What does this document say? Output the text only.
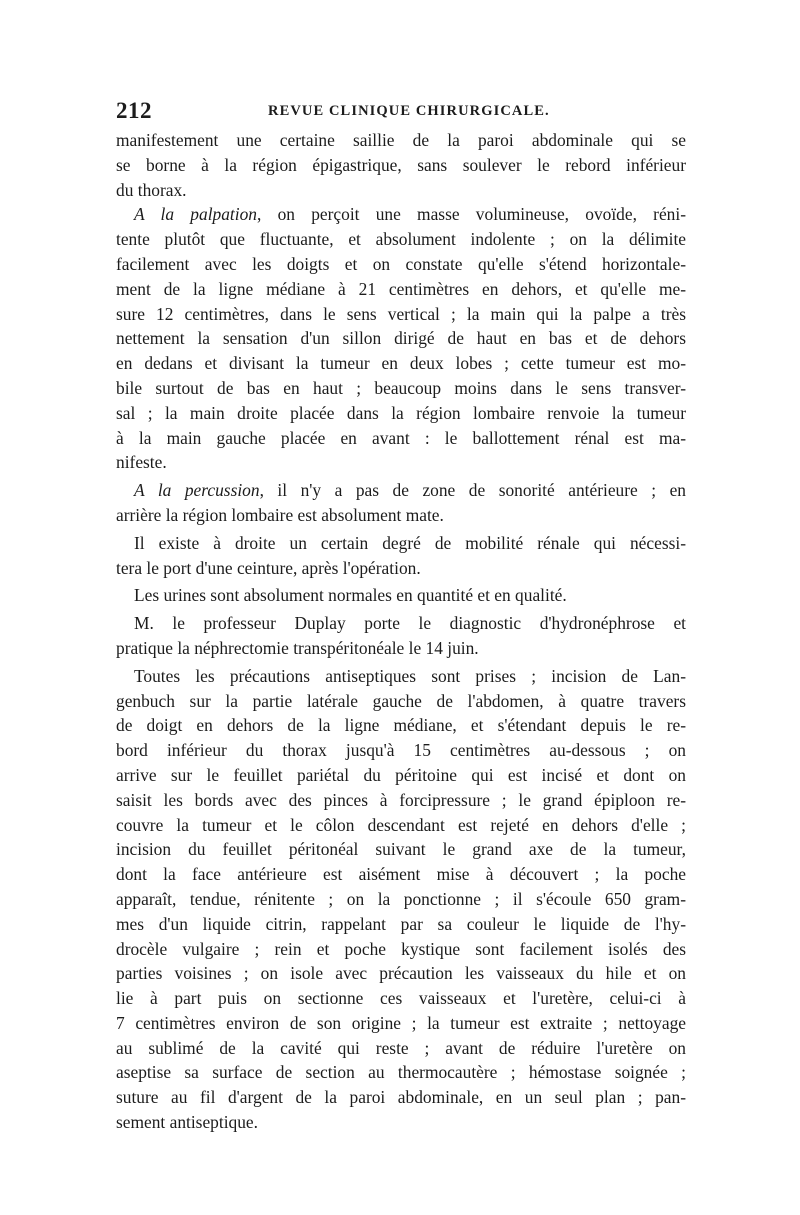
212	REVUE CLINIQUE CHIRURGICALE.
manifestement une certaine saillie de la paroi abdominale qui se
se borne à la région épigastrique, sans soulever le rebord inférieur
du thorax.
A la palpation, on perçoit une masse volumineuse, ovoïde, réni-
tente plutôt que fluctuante, et absolument indolente ; on la délimite
facilement avec les doigts et on constate qu'elle s'étend horizontale-
ment de la ligne médiane à 21 centimètres en dehors, et qu'elle me-
sure 12 centimètres, dans le sens vertical ; la main qui la palpe a très
nettement la sensation d'un sillon dirigé de haut en bas et de dehors
en dedans et divisant la tumeur en deux lobes ; cette tumeur est mo-
bile surtout de bas en haut ; beaucoup moins dans le sens transver-
sal ; la main droite placée dans la région lombaire renvoie la tumeur
à la main gauche placée en avant : le ballottement rénal est ma-
nifeste.
A la percussion, il n'y a pas de zone de sonorité antérieure ; en
arrière la région lombaire est absolument mate.
Il existe à droite un certain degré de mobilité rénale qui nécessi-
tera le port d'une ceinture, après l'opération.
Les urines sont absolument normales en quantité et en qualité.
M. le professeur Duplay porte le diagnostic d'hydronéphrose et
pratique la néphrectomie transpéritonéale le 14 juin.
Toutes les précautions antiseptiques sont prises ; incision de Lan-
genbuch sur la partie latérale gauche de l'abdomen, à quatre travers
de doigt en dehors de la ligne médiane, et s'étendant depuis le re-
bord inférieur du thorax jusqu'à 15 centimètres au-dessous ; on
arrive sur le feuillet pariétal du péritoine qui est incisé et dont on
saisit les bords avec des pinces à forcipressure ; le grand épiploon re-
couvre la tumeur et le côlon descendant est rejeté en dehors d'elle ;
incision du feuillet péritonéal suivant le grand axe de la tumeur,
dont la face antérieure est aisément mise à découvert ; la poche
apparaît, tendue, rénitente ; on la ponctionne ; il s'écoule 650 gram-
mes d'un liquide citrin, rappelant par sa couleur le liquide de l'hy-
drocèle vulgaire ; rein et poche kystique sont facilement isolés des
parties voisines ; on isole avec précaution les vaisseaux du hile et on
lie à part puis on sectionne ces vaisseaux et l'uretère, celui-ci à
7 centimètres environ de son origine ; la tumeur est extraite ; nettoyage
au sublimé de la cavité qui reste ; avant de réduire l'uretère on
aseptise sa surface de section au thermocautère ; hémostase soignée ;
suture au fil d'argent de la paroi abdominale, en un seul plan ; pan-
sement antiseptique.
